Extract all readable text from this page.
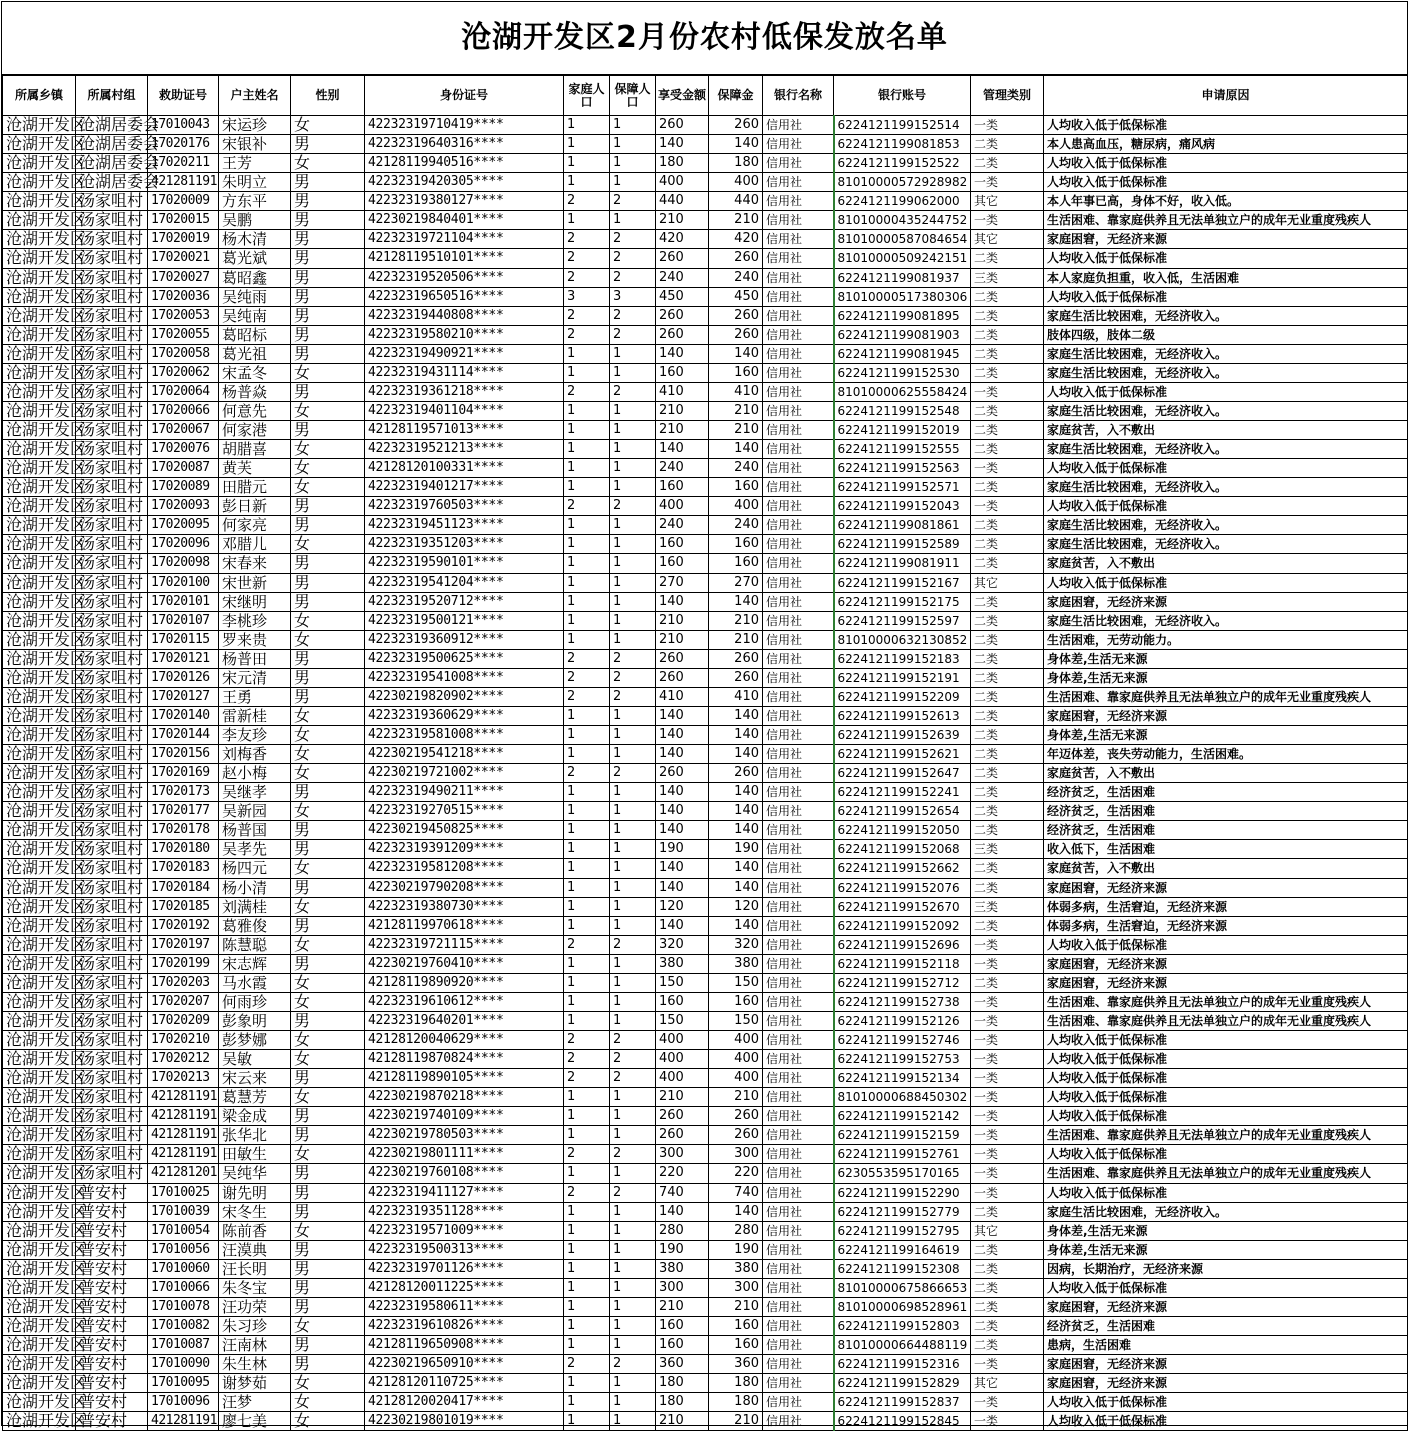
沧湖开发区2月份农村低保发放名单
所属乡镇	所属村组	救助证号	户主姓名	性别	身份证号	家庭人口	保障人口	享受金额	保障金	银行名称	银行账号	管理类别	申请原因
沧湖开发区	沧湖居委会	17010043	宋运珍	女	42232319710419****	1	1	260	260	信用社	6224121199152514	一类	人均收入低于低保标准
沧湖开发区	沧湖居委会	17020176	宋银补	男	42232319640316****	1	1	140	140	信用社	6224121199081853	二类	本人患高血压，糖尿病，痛风病
沧湖开发区	沧湖居委会	17020211	王芳	女	42128119940516****	1	1	180	180	信用社	6224121199152522	二类	人均收入低于低保标准
沧湖开发区	沧湖居委会	421281191	朱明立	男	42232319420305****	1	1	400	400	信用社	81010000572928982	一类	人均收入低于低保标准
沧湖开发区	汤家咀村	17020009	方东平	男	42232319380127****	2	2	440	440	信用社	6224121199062000	其它	本人年事已高，身体不好，收入低。
沧湖开发区	汤家咀村	17020015	吴鹏	男	42230219840401****	1	1	210	210	信用社	81010000435244752	一类	生活困难、靠家庭供养且无法单独立户的成年无业重度残疾人
沧湖开发区	汤家咀村	17020019	杨木清	男	42232319721104****	2	2	420	420	信用社	81010000587084654	其它	家庭困窘，无经济来源
沧湖开发区	汤家咀村	17020021	葛光斌	男	42128119510101****	2	2	260	260	信用社	81010000509242151	二类	人均收入低于低保标准
沧湖开发区	汤家咀村	17020027	葛昭鑫	男	42232319520506****	2	2	240	240	信用社	6224121199081937	三类	本人家庭负担重，收入低，生活困难
沧湖开发区	汤家咀村	17020036	吴纯雨	男	42232319650516****	3	3	450	450	信用社	81010000517380306	二类	人均收入低于低保标准
沧湖开发区	汤家咀村	17020053	吴纯南	男	42232319440808****	2	2	260	260	信用社	6224121199081895	二类	家庭生活比较困难，无经济收入。
沧湖开发区	汤家咀村	17020055	葛昭标	男	42232319580210****	2	2	260	260	信用社	6224121199081903	二类	肢体四级，肢体二级
沧湖开发区	汤家咀村	17020058	葛光祖	男	42232319490921****	1	1	140	140	信用社	6224121199081945	二类	家庭生活比较困难，无经济收入。
沧湖开发区	汤家咀村	17020062	宋孟冬	女	42232319431114****	1	1	160	160	信用社	6224121199152530	二类	家庭生活比较困难，无经济收入。
沧湖开发区	汤家咀村	17020064	杨普焱	男	42232319361218****	2	2	410	410	信用社	81010000625558424	一类	人均收入低于低保标准
沧湖开发区	汤家咀村	17020066	何意先	女	42232319401104****	1	1	210	210	信用社	6224121199152548	二类	家庭生活比较困难，无经济收入。
沧湖开发区	汤家咀村	17020067	何家港	男	42128119571013****	1	1	210	210	信用社	6224121199152019	二类	家庭贫苦，入不敷出
沧湖开发区	汤家咀村	17020076	胡腊喜	女	42232319521213****	1	1	140	140	信用社	6224121199152555	二类	家庭生活比较困难，无经济收入。
沧湖开发区	汤家咀村	17020087	黄芙	女	42128120100331****	1	1	240	240	信用社	6224121199152563	一类	人均收入低于低保标准
沧湖开发区	汤家咀村	17020089	田腊元	女	42232319401217****	1	1	160	160	信用社	6224121199152571	二类	家庭生活比较困难，无经济收入。
沧湖开发区	汤家咀村	17020093	彭日新	男	42232319760503****	2	2	400	400	信用社	6224121199152043	一类	人均收入低于低保标准
沧湖开发区	汤家咀村	17020095	何家亮	男	42232319451123****	1	1	240	240	信用社	6224121199081861	二类	家庭生活比较困难，无经济收入。
沧湖开发区	汤家咀村	17020096	邓腊儿	女	42232319351203****	1	1	160	160	信用社	6224121199152589	二类	家庭生活比较困难，无经济收入。
沧湖开发区	汤家咀村	17020098	宋春来	男	42232319590101****	1	1	160	160	信用社	6224121199081911	二类	家庭贫苦，入不敷出
沧湖开发区	汤家咀村	17020100	宋世新	男	42232319541204****	1	1	270	270	信用社	6224121199152167	其它	人均收入低于低保标准
沧湖开发区	汤家咀村	17020101	宋继明	男	42232319520712****	1	1	140	140	信用社	6224121199152175	二类	家庭困窘，无经济来源
沧湖开发区	汤家咀村	17020107	李桃珍	女	42232319500121****	1	1	210	210	信用社	6224121199152597	二类	家庭生活比较困难，无经济收入。
沧湖开发区	汤家咀村	17020115	罗来贵	女	42232319360912****	1	1	210	210	信用社	81010000632130852	二类	生活困难，无劳动能力。
沧湖开发区	汤家咀村	17020121	杨普田	男	42232319500625****	2	2	260	260	信用社	6224121199152183	二类	身体差,生活无来源
沧湖开发区	汤家咀村	17020126	宋元清	男	42232319541008****	2	2	260	260	信用社	6224121199152191	二类	身体差,生活无来源
沧湖开发区	汤家咀村	17020127	王勇	男	42230219820902****	2	2	410	410	信用社	6224121199152209	二类	生活困难、靠家庭供养且无法单独立户的成年无业重度残疾人
沧湖开发区	汤家咀村	17020140	雷新桂	女	42232319360629****	1	1	140	140	信用社	6224121199152613	二类	家庭困窘，无经济来源
沧湖开发区	汤家咀村	17020144	李友珍	女	42232319581008****	1	1	140	140	信用社	6224121199152639	二类	身体差,生活无来源
沧湖开发区	汤家咀村	17020156	刘梅香	女	42230219541218****	1	1	140	140	信用社	6224121199152621	二类	年迈体差，丧失劳动能力，生活困难。
沧湖开发区	汤家咀村	17020169	赵小梅	女	42230219721002****	2	2	260	260	信用社	6224121199152647	二类	家庭贫苦，入不敷出
沧湖开发区	汤家咀村	17020173	吴继孝	男	42232319490211****	1	1	140	140	信用社	6224121199152241	二类	经济贫乏，生活困难
沧湖开发区	汤家咀村	17020177	吴新园	女	42232319270515****	1	1	140	140	信用社	6224121199152654	二类	经济贫乏，生活困难
沧湖开发区	汤家咀村	17020178	杨普国	男	42230219450825****	1	1	140	140	信用社	6224121199152050	二类	经济贫乏，生活困难
沧湖开发区	汤家咀村	17020180	吴孝先	男	42232319391209****	1	1	190	190	信用社	6224121199152068	三类	收入低下，生活困难
沧湖开发区	汤家咀村	17020183	杨四元	女	42232319581208****	1	1	140	140	信用社	6224121199152662	二类	家庭贫苦，入不敷出
沧湖开发区	汤家咀村	17020184	杨小清	男	42230219790208****	1	1	140	140	信用社	6224121199152076	二类	家庭困窘，无经济来源
沧湖开发区	汤家咀村	17020185	刘满桂	女	42232319380730****	1	1	120	120	信用社	6224121199152670	三类	体弱多病，生活窘迫，无经济来源
沧湖开发区	汤家咀村	17020192	葛雅俊	男	42128119970618****	1	1	140	140	信用社	6224121199152092	二类	体弱多病，生活窘迫，无经济来源
沧湖开发区	汤家咀村	17020197	陈慧聪	女	42232319721115****	2	2	320	320	信用社	6224121199152696	一类	人均收入低于低保标准
沧湖开发区	汤家咀村	17020199	宋志辉	男	42230219760410****	1	1	380	380	信用社	6224121199152118	一类	家庭困窘，无经济来源
沧湖开发区	汤家咀村	17020203	马水霞	女	42128119890920****	1	1	150	150	信用社	6224121199152712	二类	家庭困窘，无经济来源
沧湖开发区	汤家咀村	17020207	何雨珍	女	42232319610612****	1	1	160	160	信用社	6224121199152738	一类	生活困难、靠家庭供养且无法单独立户的成年无业重度残疾人
沧湖开发区	汤家咀村	17020209	彭象明	男	42232319640201****	1	1	150	150	信用社	6224121199152126	一类	生活困难、靠家庭供养且无法单独立户的成年无业重度残疾人
沧湖开发区	汤家咀村	17020210	彭梦娜	女	42128120040629****	2	2	400	400	信用社	6224121199152746	一类	人均收入低于低保标准
沧湖开发区	汤家咀村	17020212	吴敏	女	42128119870824****	2	2	400	400	信用社	6224121199152753	一类	人均收入低于低保标准
沧湖开发区	汤家咀村	17020213	宋云来	男	42128119890105****	2	2	400	400	信用社	6224121199152134	一类	人均收入低于低保标准
沧湖开发区	汤家咀村	421281191	葛慧芳	女	42230219870218****	1	1	210	210	信用社	81010000688450302	一类	人均收入低于低保标准
沧湖开发区	汤家咀村	421281191	梁金成	男	42230219740109****	1	1	260	260	信用社	6224121199152142	一类	人均收入低于低保标准
沧湖开发区	汤家咀村	421281191	张华北	男	42230219780503****	1	1	260	260	信用社	6224121199152159	一类	生活困难、靠家庭供养且无法单独立户的成年无业重度残疾人
沧湖开发区	汤家咀村	421281191	田敏生	女	42230219801111****	2	2	300	300	信用社	6224121199152761	一类	人均收入低于低保标准
沧湖开发区	汤家咀村	421281201	吴纯华	男	42230219760108****	1	1	220	220	信用社	6230553595170165	一类	生活困难、靠家庭供养且无法单独立户的成年无业重度残疾人
沧湖开发区	普安村	17010025	谢先明	男	42232319411127****	2	2	740	740	信用社	6224121199152290	一类	人均收入低于低保标准
沧湖开发区	普安村	17010039	宋冬生	男	42232319351128****	1	1	140	140	信用社	6224121199152779	二类	家庭生活比较困难，无经济收入。
沧湖开发区	普安村	17010054	陈前香	女	42232319571009****	1	1	280	280	信用社	6224121199152795	其它	身体差,生活无来源
沧湖开发区	普安村	17010056	汪漠典	男	42232319500313****	1	1	190	190	信用社	6224121199164619	二类	身体差,生活无来源
沧湖开发区	普安村	17010060	汪长明	男	42232319701126****	1	1	380	380	信用社	6224121199152308	二类	因病，长期治疗，无经济来源
沧湖开发区	普安村	17010066	朱冬宝	男	42128120011225****	1	1	300	300	信用社	81010000675866653	二类	人均收入低于低保标准
沧湖开发区	普安村	17010078	汪功荣	男	42232319580611****	1	1	210	210	信用社	81010000698528961	二类	家庭困窘，无经济来源
沧湖开发区	普安村	17010082	朱习珍	女	42232319610826****	1	1	160	160	信用社	6224121199152803	二类	经济贫乏，生活困难
沧湖开发区	普安村	17010087	汪南林	男	42128119650908****	1	1	160	160	信用社	81010000664488119	二类	患病，生活困难
沧湖开发区	普安村	17010090	朱生林	男	42230219650910****	2	2	360	360	信用社	6224121199152316	一类	家庭困窘，无经济来源
沧湖开发区	普安村	17010095	谢梦茹	女	42128120110725****	1	1	180	180	信用社	6224121199152829	其它	家庭困窘，无经济来源
沧湖开发区	普安村	17010096	汪梦	女	42128120020417****	1	1	180	180	信用社	6224121199152837	一类	人均收入低于低保标准
沧湖开发区	普安村	421281191	廖七美	女	42230219801019****	1	1	210	210	信用社	6224121199152845	一类	人均收入低于低保标准
